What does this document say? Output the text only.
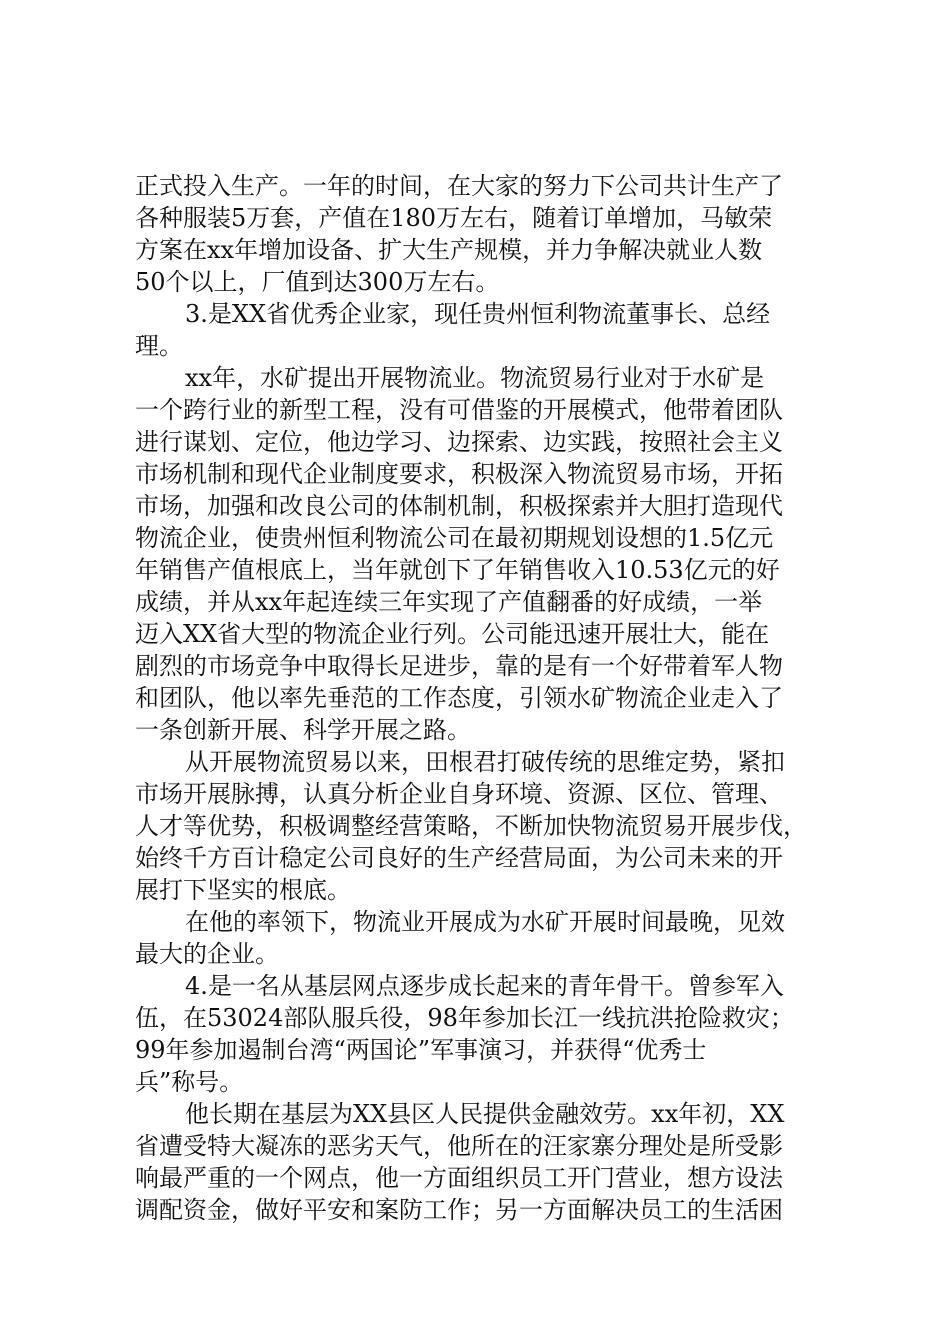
正式投入生产。一年的时间，在大家的努力下公司共计生产了
各种服装5万套，产值在180万左右，随着订单增加，马敏荣
方案在xx年增加设备、扩大生产规模，并力争解决就业人数
50个以上，厂值到达300万左右。
3.是XX省优秀企业家，现任贵州恒利物流董事长、总经
理。
xx年，水矿提出开展物流业。物流贸易行业对于水矿是
一个跨行业的新型工程，没有可借鉴的开展模式，他带着团队
进行谋划、定位，他边学习、边探索、边实践，按照社会主义
市场机制和现代企业制度要求，积极深入物流贸易市场，开拓
市场，加强和改良公司的体制机制，积极探索并大胆打造现代
物流企业，使贵州恒利物流公司在最初期规划设想的1.5亿元
年销售产值根底上，当年就创下了年销售收入10.53亿元的好
成绩，并从xx年起连续三年实现了产值翻番的好成绩，一举
迈入XX省大型的物流企业行列。公司能迅速开展壮大，能在
剧烈的市场竞争中取得长足进步，靠的是有一个好带着军人物
和团队，他以率先垂范的工作态度，引领水矿物流企业走入了
一条创新开展、科学开展之路。
从开展物流贸易以来，田根君打破传统的思维定势，紧扣
市场开展脉搏，认真分析企业自身环境、资源、区位、管理、
人才等优势，积极调整经营策略，不断加快物流贸易开展步伐，
始终千方百计稳定公司良好的生产经营局面，为公司未来的开
展打下坚实的根底。
在他的率领下，物流业开展成为水矿开展时间最晚，见效
最大的企业。
4.是一名从基层网点逐步成长起来的青年骨干。曾参军入
伍，在53024部队服兵役，98年参加长江一线抗洪抢险救灾；
99年参加遏制台湾“两国论”军事演习，并获得“优秀士
兵”称号。
他长期在基层为XX县区人民提供金融效劳。xx年初，XX
省遭受特大凝冻的恶劣天气，他所在的汪家寨分理处是所受影
响最严重的一个网点，他一方面组织员工开门营业，想方设法
调配资金，做好平安和案防工作；另一方面解决员工的生活困
